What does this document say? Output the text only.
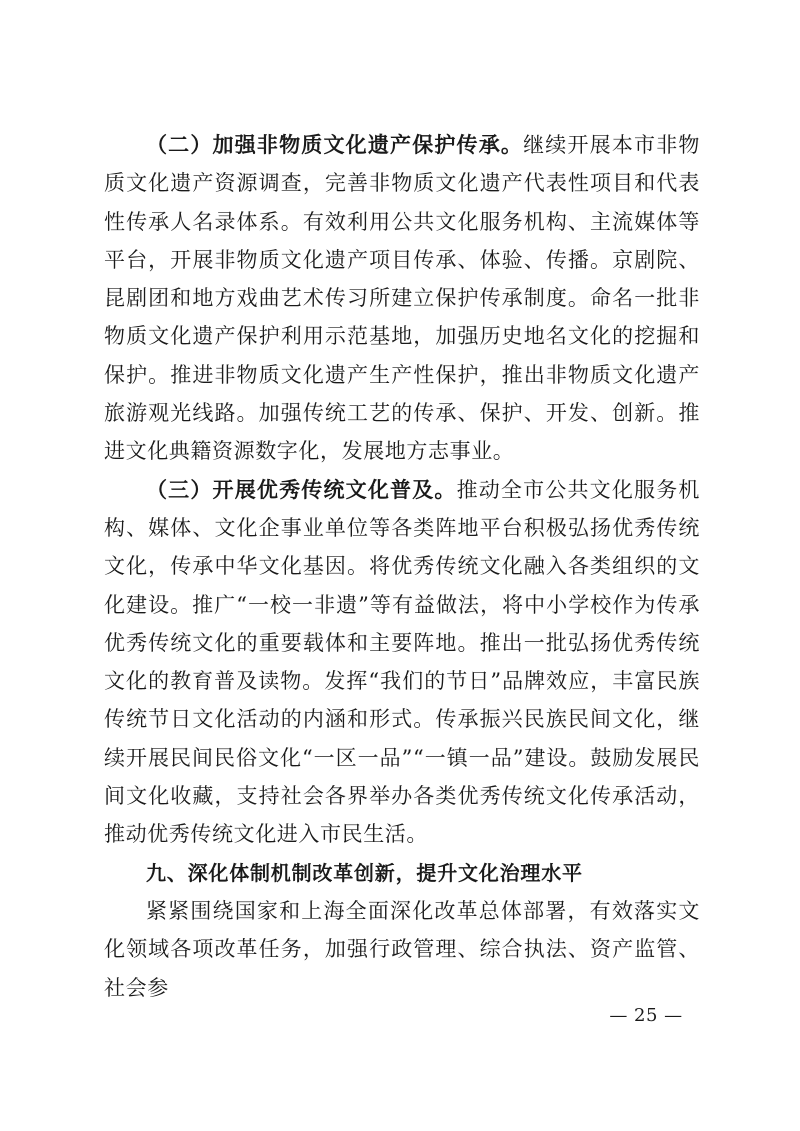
（二）加强非物质文化遗产保护传承。继续开展本市非物质文化遗产资源调查，完善非物质文化遗产代表性项目和代表性传承人名录体系。有效利用公共文化服务机构、主流媒体等平台，开展非物质文化遗产项目传承、体验、传播。京剧院、昆剧团和地方戏曲艺术传习所建立保护传承制度。命名一批非物质文化遗产保护利用示范基地，加强历史地名文化的挖掘和保护。推进非物质文化遗产生产性保护，推出非物质文化遗产旅游观光线路。加强传统工艺的传承、保护、开发、创新。推进文化典籍资源数字化，发展地方志事业。

（三）开展优秀传统文化普及。推动全市公共文化服务机构、媒体、文化企事业单位等各类阵地平台积极弘扬优秀传统文化，传承中华文化基因。将优秀传统文化融入各类组织的文化建设。推广“一校一非遗”等有益做法，将中小学校作为传承优秀传统文化的重要载体和主要阵地。推出一批弘扬优秀传统文化的教育普及读物。发挥“我们的节日”品牌效应，丰富民族传统节日文化活动的内涵和形式。传承振兴民族民间文化，继续开展民间民俗文化“一区一品”“一镇一品”建设。鼓励发展民间文化收藏，支持社会各界举办各类优秀传统文化传承活动，推动优秀传统文化进入市民生活。

九、深化体制机制改革创新，提升文化治理水平

紧紧围绕国家和上海全面深化改革总体部署，有效落实文化领域各项改革任务，加强行政管理、综合执法、资产监管、社会参

— 25 —
